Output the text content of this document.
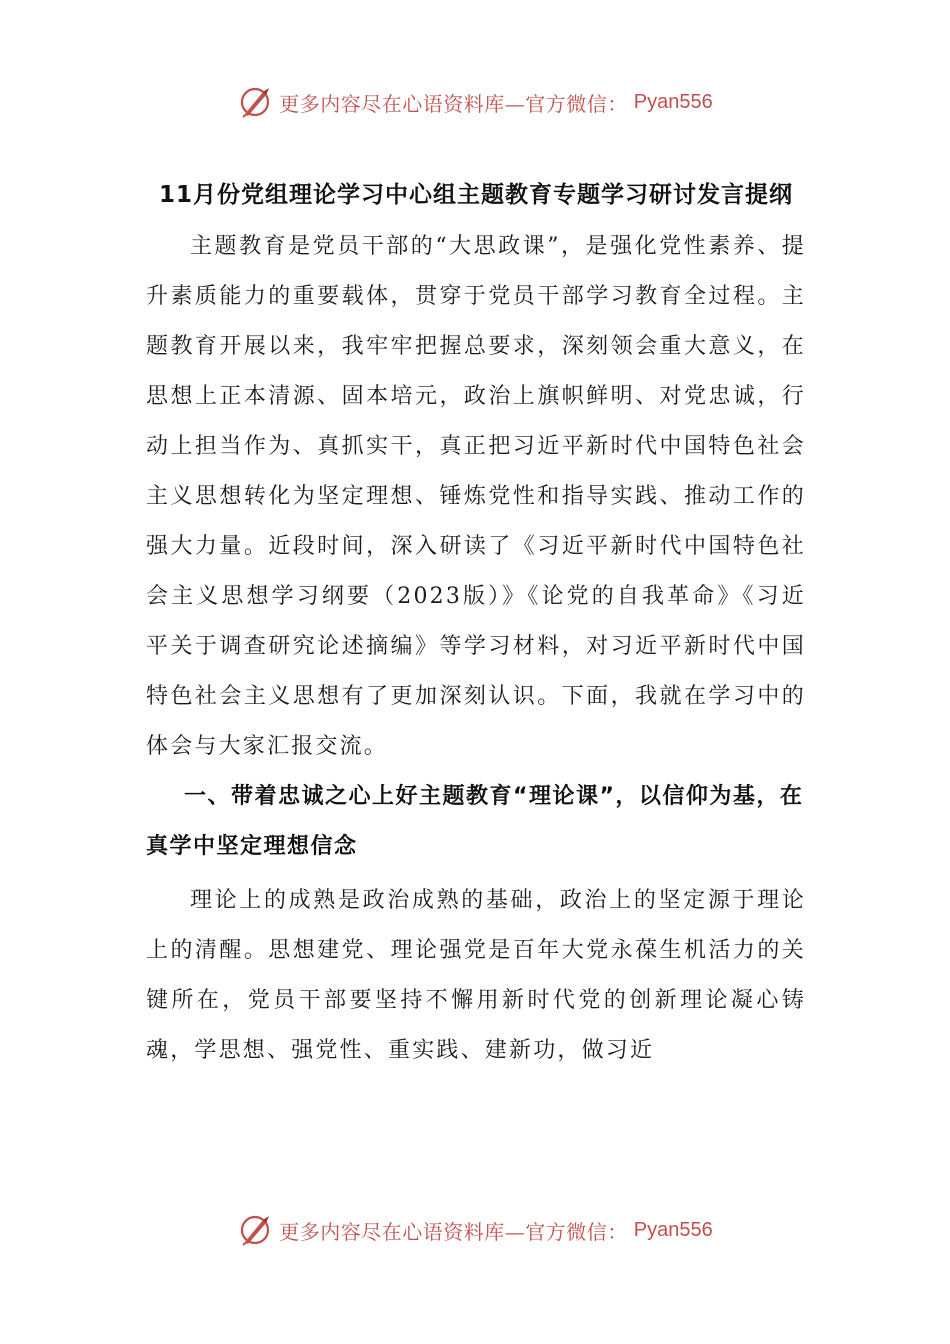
更多内容尽在心语资料库—官方微信： Pyan556
11月份党组理论学习中心组主题教育专题学习研讨发言提纲

主题教育是党员干部的“大思政课”，是强化党性素养、提升素质能力的重要载体，贯穿于党员干部学习教育全过程。主题教育开展以来，我牢牢把握总要求，深刻领会重大意义，在思想上正本清源、固本培元，政治上旗帜鲜明、对党忠诚，行动上担当作为、真抓实干，真正把习近平新时代中国特色社会主义思想转化为坚定理想、锤炼党性和指导实践、推动工作的强大力量。近段时间，深入研读了《习近平新时代中国特色社会主义思想学习纲要（2023版）》《论党的自我革命》《习近平关于调查研究论述摘编》等学习材料，对习近平新时代中国特色社会主义思想有了更加深刻认识。下面，我就在学习中的体会与大家汇报交流。

一、带着忠诚之心上好主题教育“理论课”，以信仰为基，在真学中坚定理想信念

理论上的成熟是政治成熟的基础，政治上的坚定源于理论上的清醒。思想建党、理论强党是百年大党永葆生机活力的关键所在，党员干部要坚持不懈用新时代党的创新理论凝心铸魂，学思想、强党性、重实践、建新功，做习近

更多内容尽在心语资料库—官方微信： Pyan556
